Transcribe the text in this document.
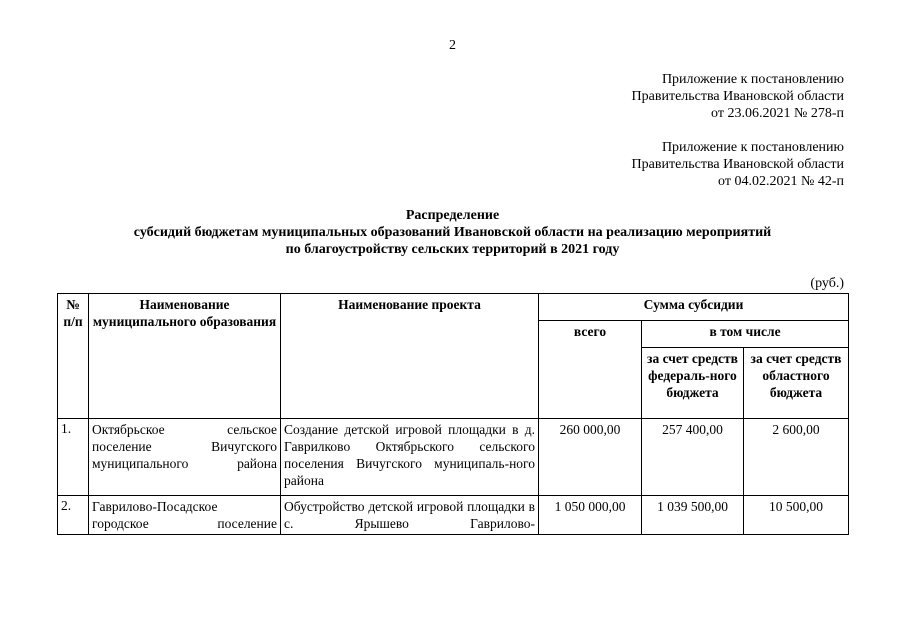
2
Приложение к постановлению
Правительства Ивановской области
от 23.06.2021 № 278-п
Приложение к постановлению
Правительства Ивановской области
от 04.02.2021 № 42-п
Распределение
субсидий бюджетам муниципальных образований Ивановской области на реализацию мероприятий
по благоустройству сельских территорий в 2021 году
(руб.)
№ п/п	Наименование муниципального образования	Наименование проекта	Сумма субсидии		
			всего	в том числе	
				за счет средств федераль-ного бюджета	за счет средств областного бюджета
1.	Октябрьское сельское поселение Вичугского муниципального района	Создание детской игровой площадки в д. Гаврилково Октябрьского сельского поселения Вичугского муниципаль-ного района	260 000,00	257 400,00	2 600,00
2.	Гаврилово-Посадское городское поселение	Обустройство детской игровой площадки в с. Ярышево Гаврилово-	1 050 000,00	1 039 500,00	10 500,00
